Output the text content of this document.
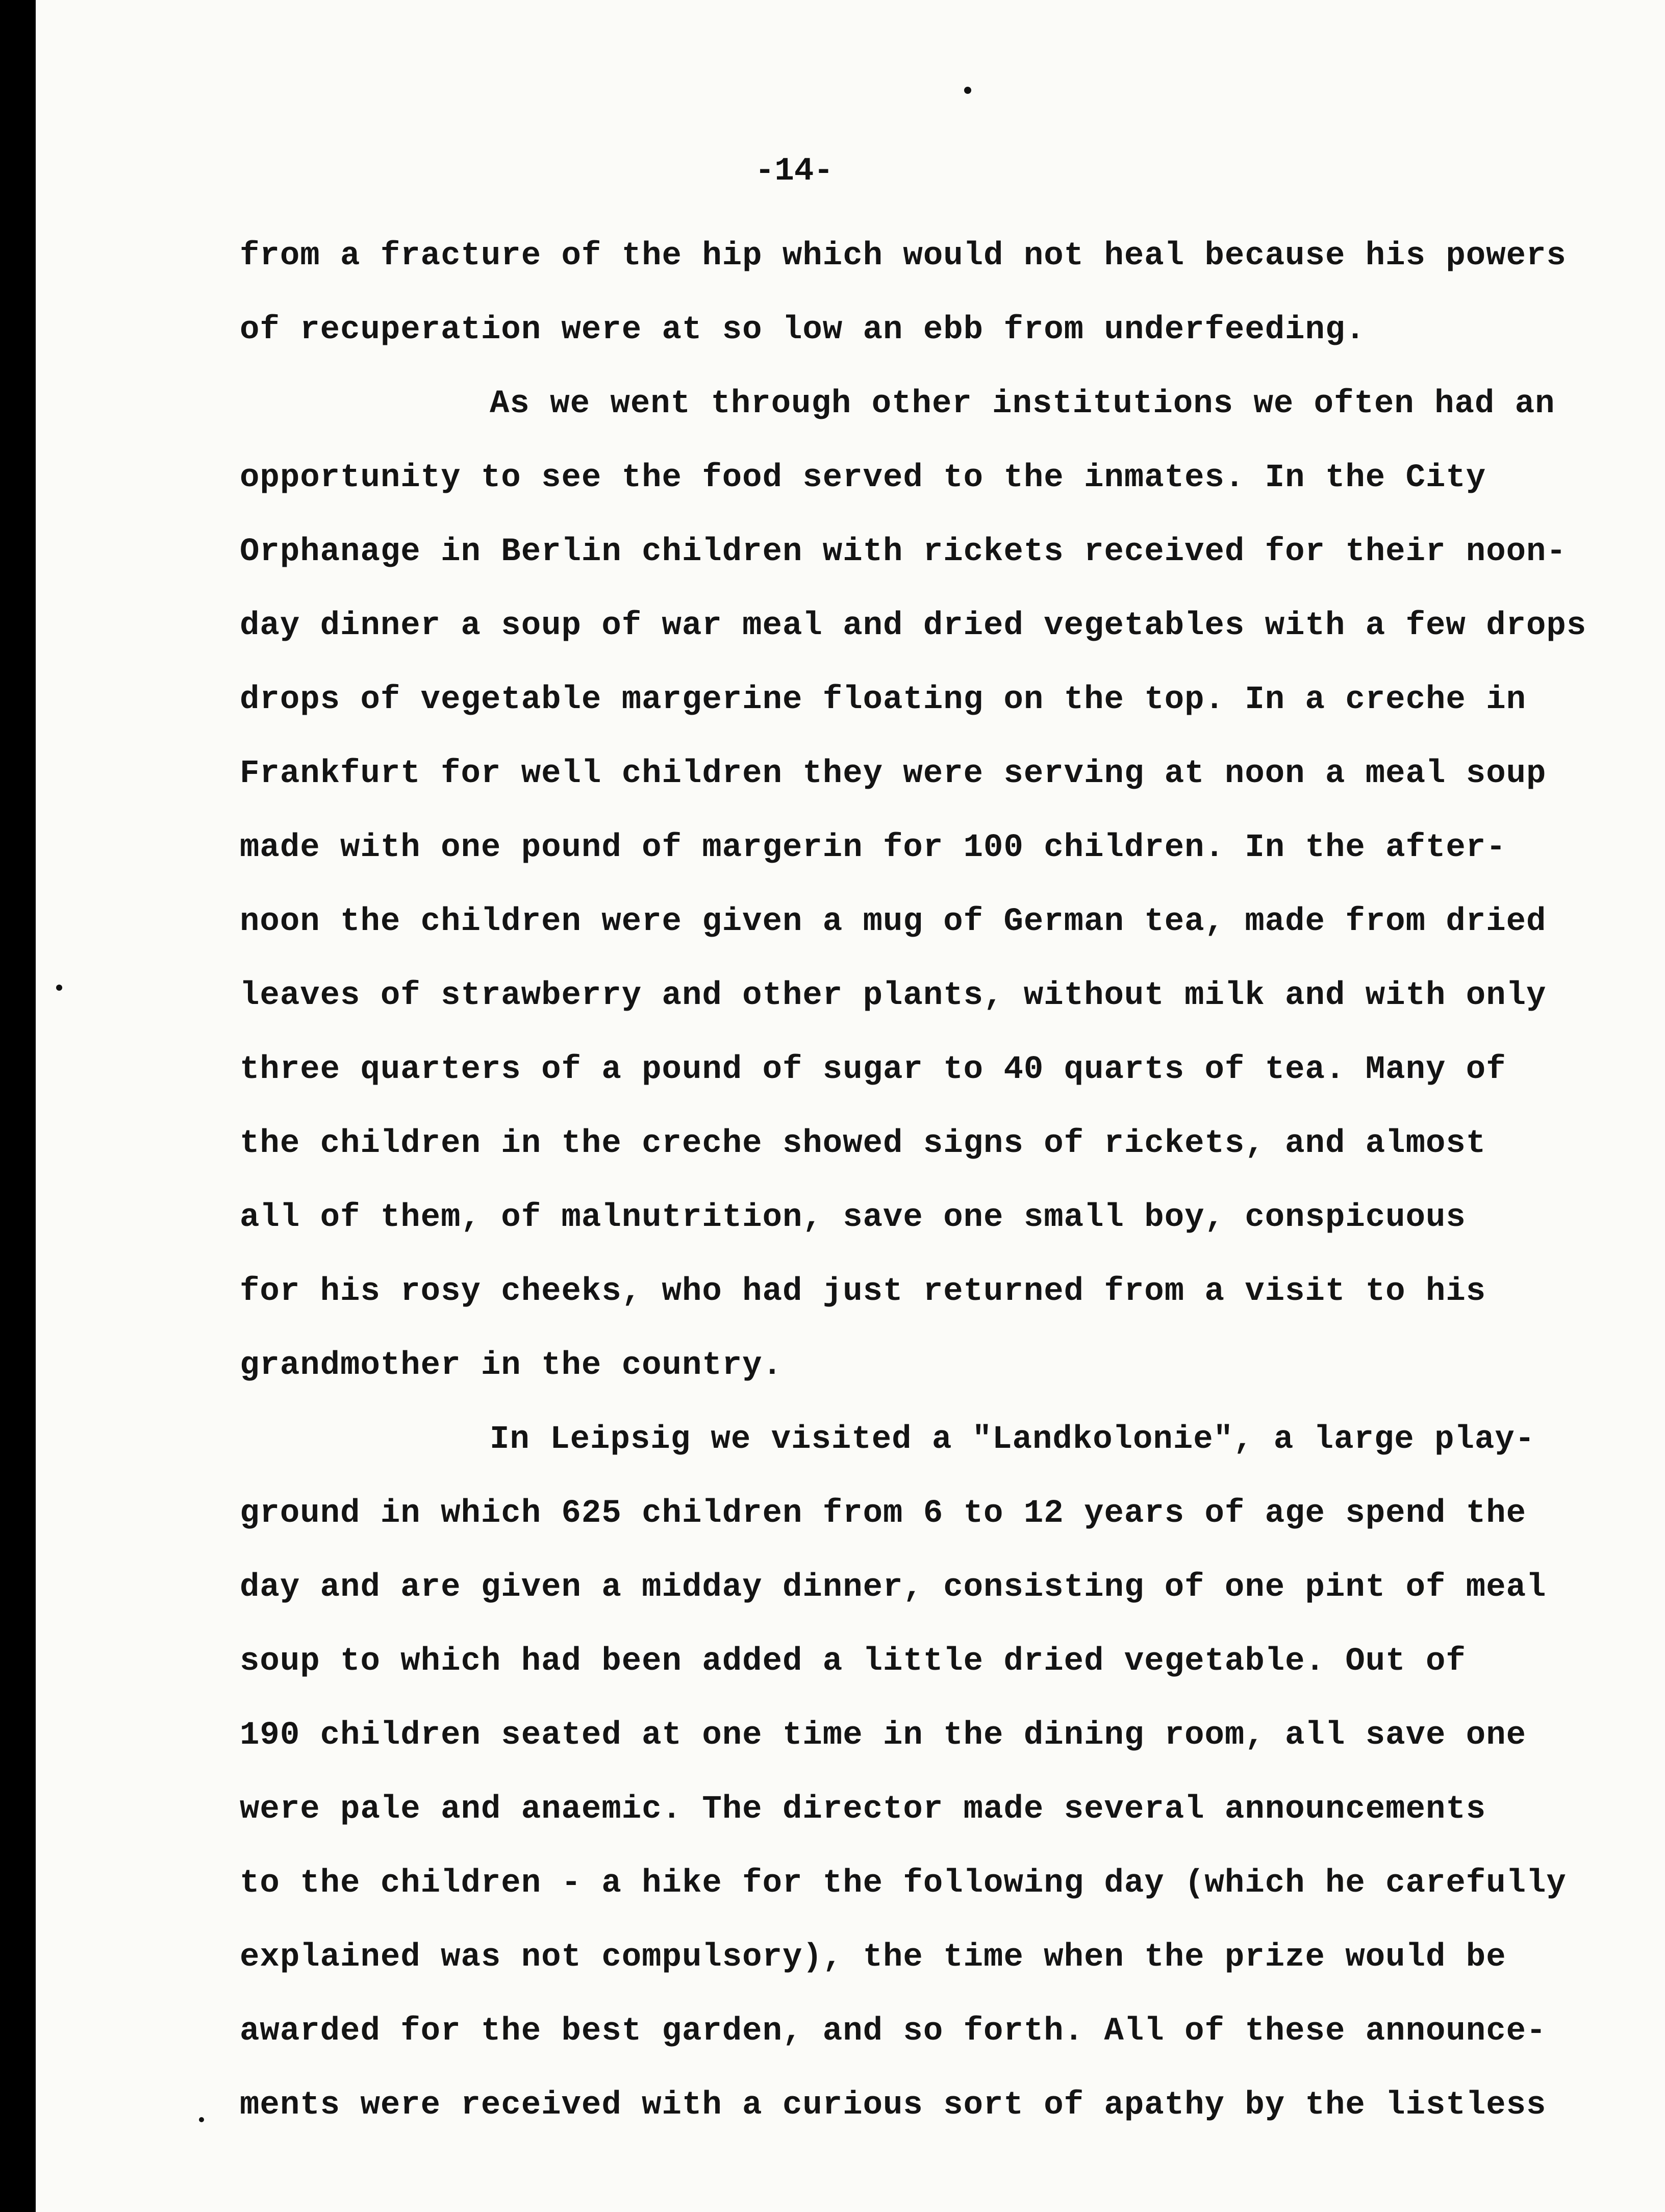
-14-

from a fracture of the hip which would not heal because his powers

of recuperation were at so low an ebb from underfeeding.

As we went through other institutions we often had an

opportunity to see the food served to the inmates. In the City

Orphanage in Berlin children with rickets received for their noon-

day dinner a soup of war meal and dried vegetables with a few drops

drops of vegetable margerine floating on the top. In a creche in

Frankfurt for well children they were serving at noon a meal soup

made with one pound of margerin for 100 children. In the after-

noon the children were given a mug of German tea, made from dried

leaves of strawberry and other plants, without milk and with only

three quarters of a pound of sugar to 40 quarts of tea. Many of

the children in the creche showed signs of rickets, and almost

all of them, of malnutrition, save one small boy, conspicuous

for his rosy cheeks, who had just returned from a visit to his

grandmother in the country.

In Leipsig we visited a "Landkolonie", a large play-

ground in which 625 children from 6 to 12 years of age spend the

day and are given a midday dinner, consisting of one pint of meal

soup to which had been added a little dried vegetable. Out of

190 children seated at one time in the dining room, all save one

were pale and anaemic. The director made several announcements

to the children - a hike for the following day (which he carefully

explained was not compulsory), the time when the prize would be

awarded for the best garden, and so forth. All of these announce-

ments were received with a curious sort of apathy by the listless
